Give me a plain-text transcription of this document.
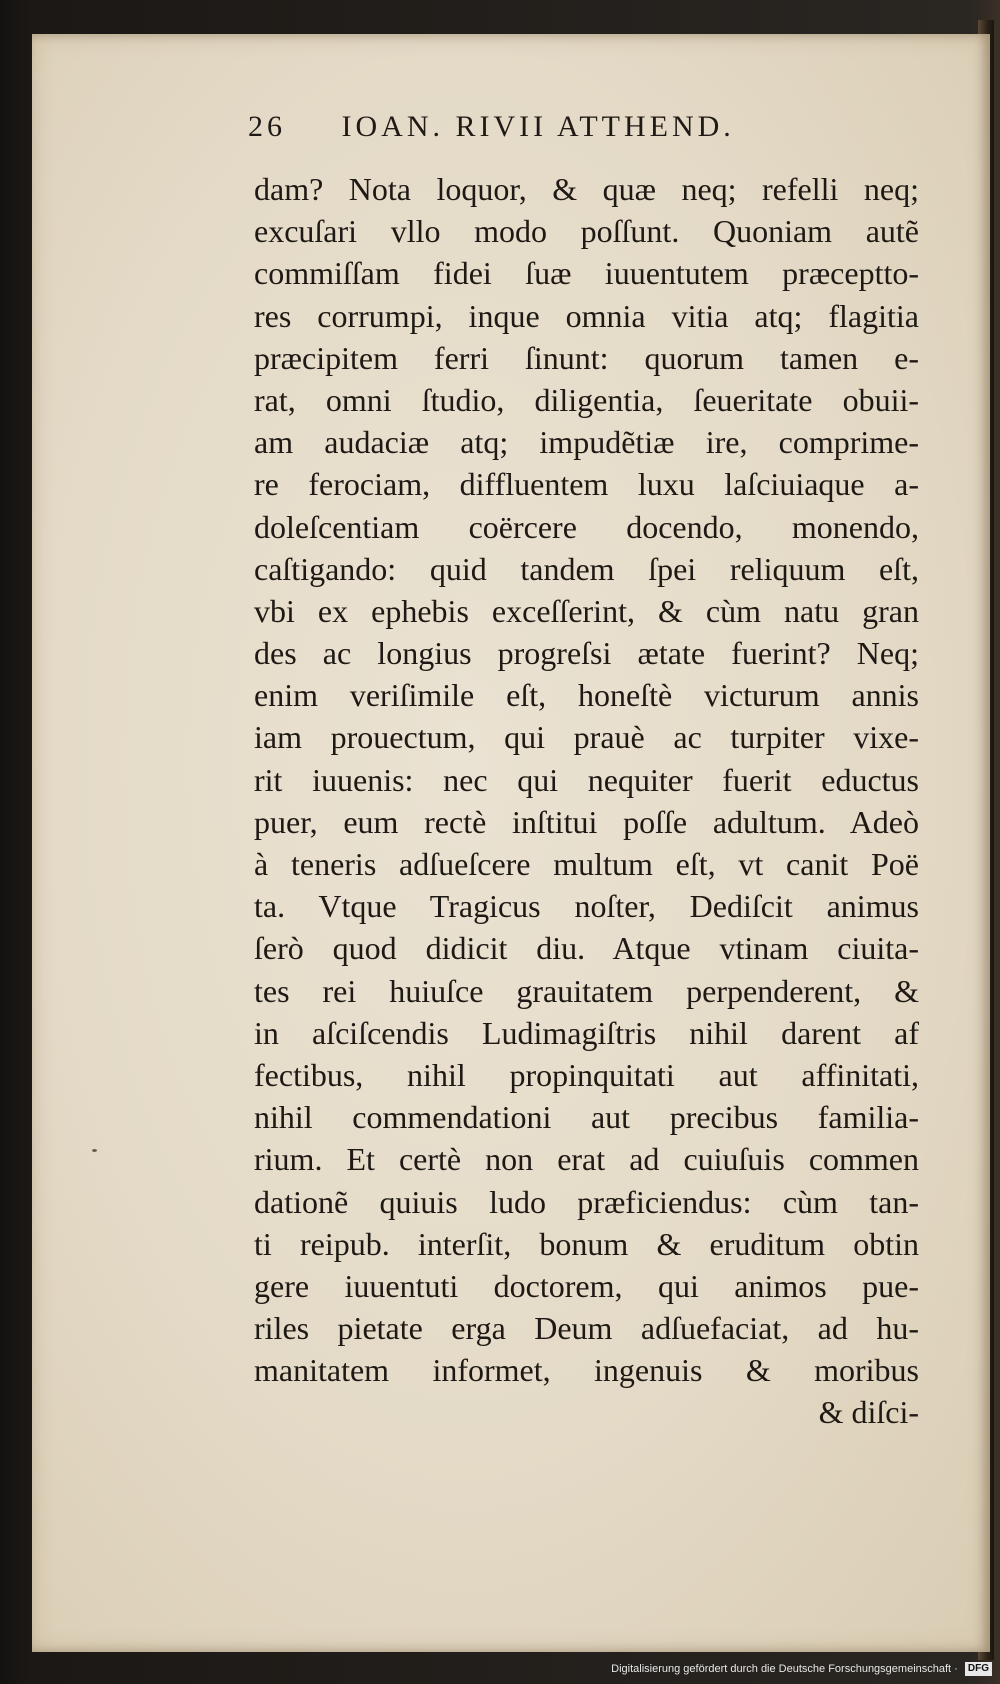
26 IOAN. RIVII ATTHEND.
dam? Nota loquor, & quæ neq; refelli neq;
excuſari vllo modo poſſunt. Quoniam autẽ
commiſſam fidei ſuæ iuuentutem præceptto-
res corrumpi, inque omnia vitia atq; flagitia
præcipitem ferri ſinunt: quorum tamen e-
rat, omni ſtudio, diligentia, ſeueritate obuii-
am audaciæ atq; impudẽtiæ ire, comprime-
re ferociam, diffluentem luxu laſciuiaque a-
doleſcentiam coërcere docendo, monendo,
caſtigando: quid tandem ſpei reliquum eſt,
vbi ex ephebis exceſſerint, & cùm natu gran
des ac longius progreſsi ætate fuerint? Neq;
enim veriſimile eſt, honeſtè victurum annis
iam prouectum, qui prauè ac turpiter vixe-
rit iuuenis: nec qui nequiter fuerit eductus
puer, eum rectè inſtitui poſſe adultum. Adeò
à teneris adſueſcere multum eſt, vt canit Poë
ta. Vtque Tragicus noſter, Dediſcit animus
ſerò quod didicit diu. Atque vtinam ciuita-
tes rei huiuſce grauitatem perpenderent, &
in aſciſcendis Ludimagiſtris nihil darent af
fectibus, nihil propinquitati aut affinitati,
nihil commendationi aut precibus familia-
rium. Et certè non erat ad cuiuſuis commen
dationẽ quiuis ludo præficiendus: cùm tan-
ti reipub. interſit, bonum & eruditum obtin
gere iuuentuti doctorem, qui animos pue-
riles pietate erga Deum adſuefaciat, ad hu-
manitatem informet, ingenuis & moribus
& diſci-
Digitalisierung gefördert durch die Deutsche Forschungsgemeinschaft · DFG
